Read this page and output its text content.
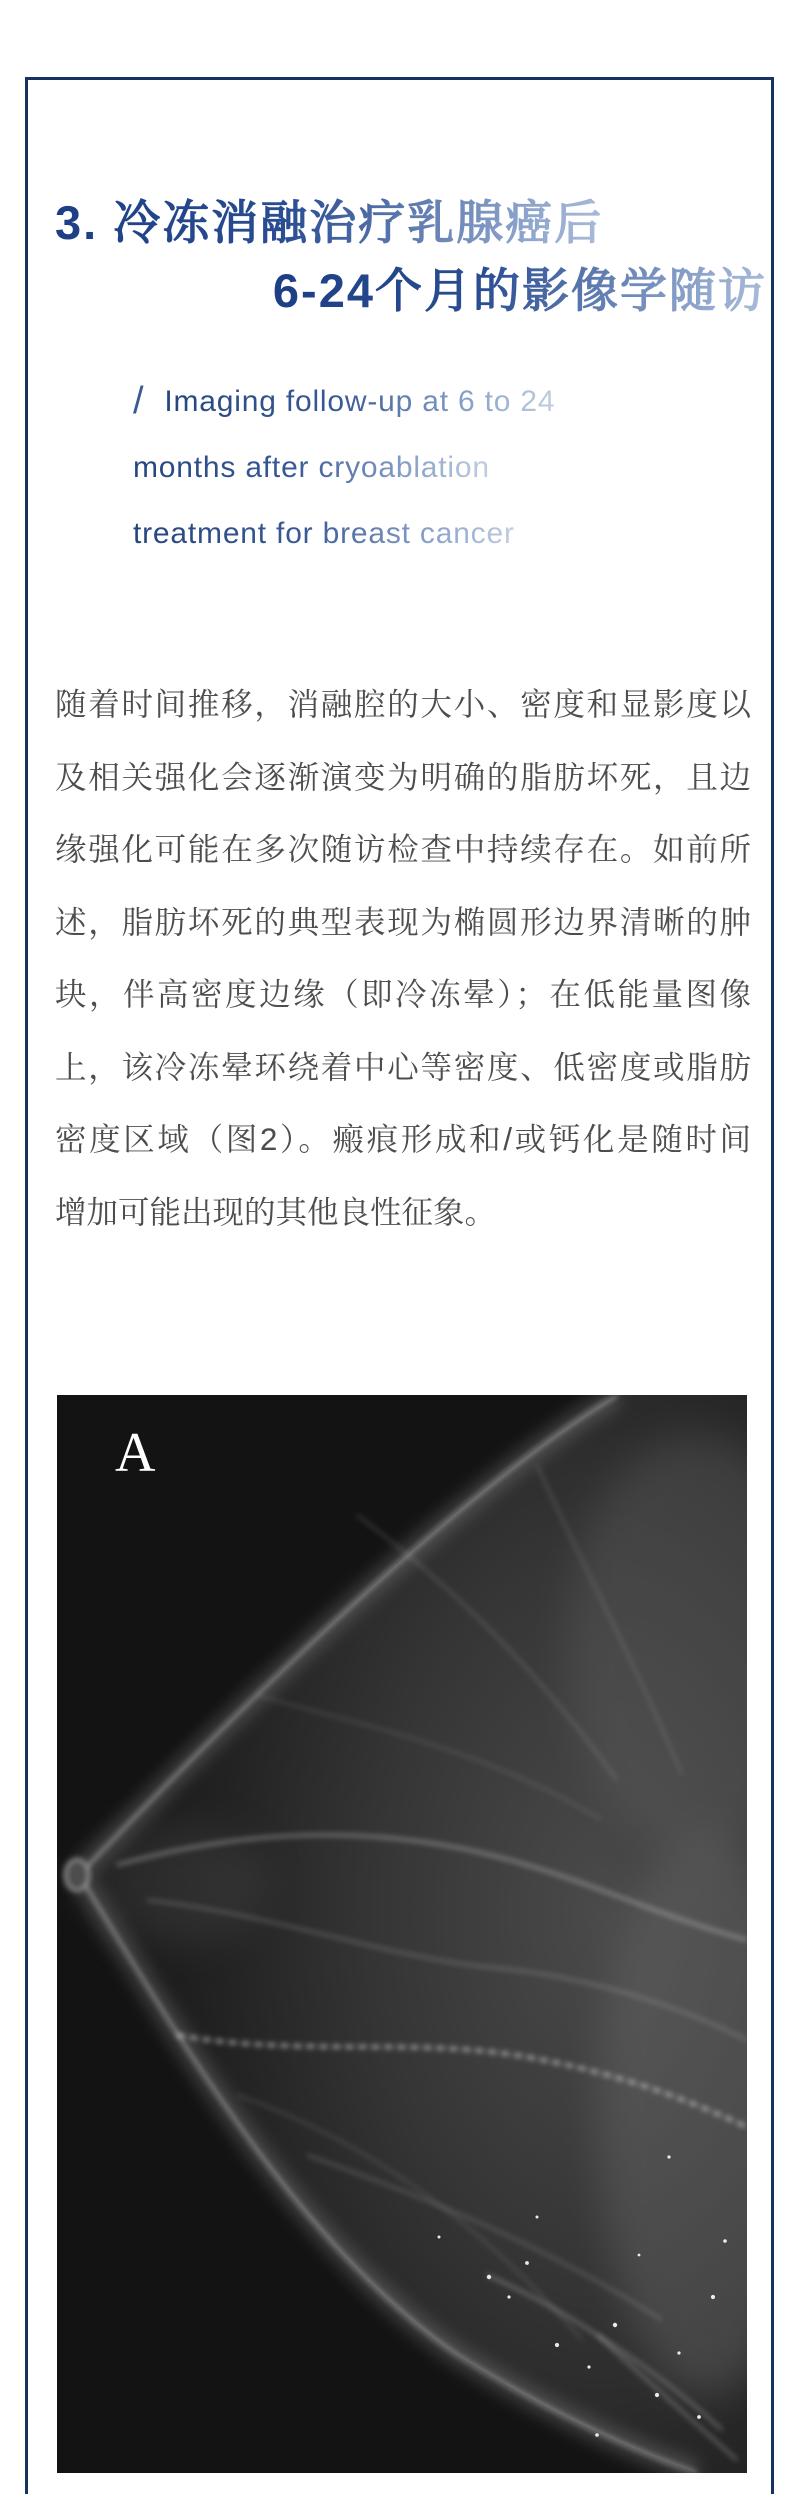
3. 冷冻消融治疗乳腺癌后
6-24个月的影像学随访
/ Imaging follow-up at 6 to 24
months after cryoablation
treatment for breast cancer
随着时间推移，消融腔的大小、密度和显影度以
及相关强化会逐渐演变为明确的脂肪坏死，且边
缘强化可能在多次随访检查中持续存在。如前所
述，脂肪坏死的典型表现为椭圆形边界清晰的肿
块，伴高密度边缘（即冷冻晕）；在低能量图像
上，该冷冻晕环绕着中心等密度、低密度或脂肪
密度区域（图2）。瘢痕形成和/或钙化是随时间
增加可能出现的其他良性征象。
A
